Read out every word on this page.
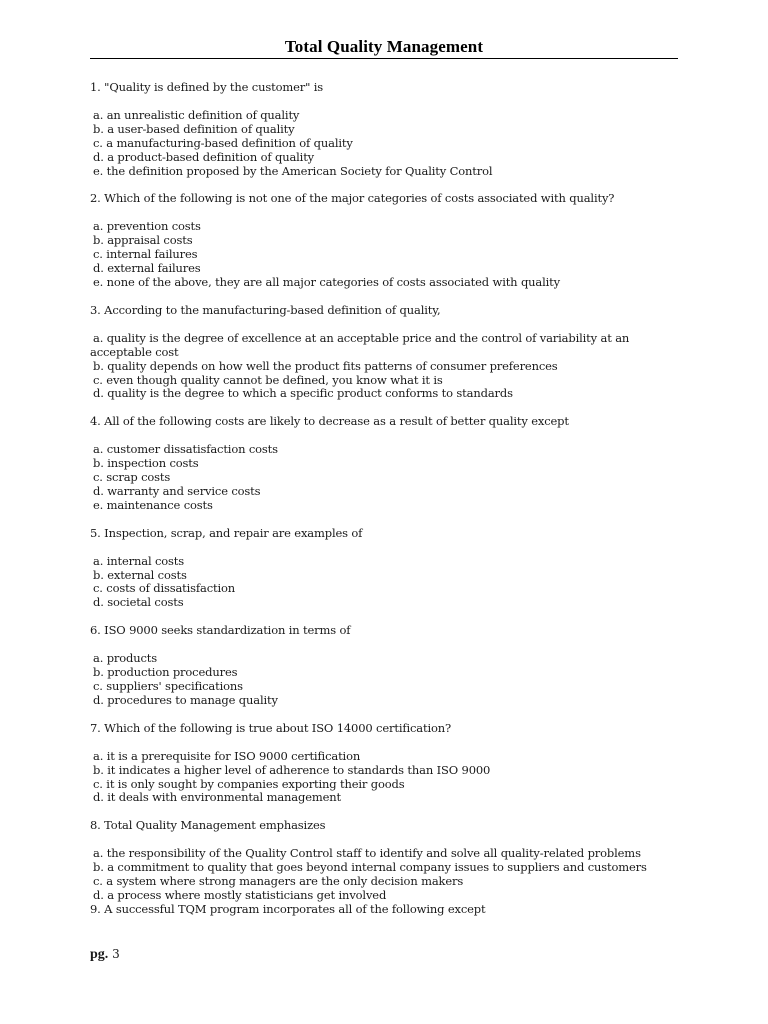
Total Quality Management

1. "Quality is defined by the customer" is

a. an unrealistic definition of quality
b. a user-based definition of quality
c. a manufacturing-based definition of quality
d. a product-based definition of quality
e. the definition proposed by the American Society for Quality Control

2. Which of the following is not one of the major categories of costs associated with quality?

a. prevention costs
b. appraisal costs
c. internal failures
d. external failures
e. none of the above, they are all major categories of costs associated with quality

3. According to the manufacturing-based definition of quality,

a. quality is the degree of excellence at an acceptable price and the control of variability at an acceptable cost
b. quality depends on how well the product fits patterns of consumer preferences
c. even though quality cannot be defined, you know what it is
d. quality is the degree to which a specific product conforms to standards

4. All of the following costs are likely to decrease as a result of better quality except

a. customer dissatisfaction costs
b. inspection costs
c. scrap costs
d. warranty and service costs
e. maintenance costs

5. Inspection, scrap, and repair are examples of

a. internal costs
b. external costs
c. costs of dissatisfaction
d. societal costs

6. ISO 9000 seeks standardization in terms of

a. products
b. production procedures
c. suppliers' specifications
d. procedures to manage quality

7. Which of the following is true about ISO 14000 certification?

a. it is a prerequisite for ISO 9000 certification
b. it indicates a higher level of adherence to standards than ISO 9000
c. it is only sought by companies exporting their goods
d. it deals with environmental management

8. Total Quality Management emphasizes

a. the responsibility of the Quality Control staff to identify and solve all quality-related problems
b. a commitment to quality that goes beyond internal company issues to suppliers and customers
c. a system where strong managers are the only decision makers
d. a process where mostly statisticians get involved

9. A successful TQM program incorporates all of the following except

pg. 3
